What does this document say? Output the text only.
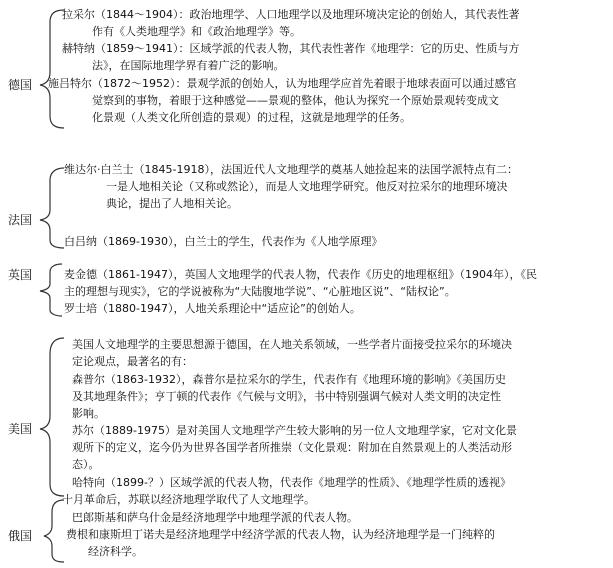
德国
拉采尔（1844～1904）：政治地理学、人口地理学以及地理环境决定论的创始人，其代表性著
作有《人类地理学》和《政治地理学》等。
赫特纳（1859～1941）：区域学派的代表人物，其代表性著作《地理学：它的历史、性质与方
法》，在国际地理学界有着广泛的影响。
施吕特尔（1872～1952）：景观学派的创始人，认为地理学应首先着眼于地球表面可以通过感官
觉察到的事物，着眼于这种感觉——景观的整体，他认为探究一个原始景观转变成文
化景观（人类文化所创造的景观）的过程，这就是地理学的任务。
法国
维达尔·白兰士（1845-1918），法国近代人文地理学的奠基人她捡起来的法国学派特点有二：
一是人地相关论（又称或然论），而是人文地理学研究。他反对拉采尔的地理环境决
典论，提出了人地相关论。
白吕纳（1869-1930），白兰士的学生，代表作为《人地学原理》
英国	麦金德（1861-1947），英国人文地理学的代表人物，代表作《历史的地理枢纽》（1904年），《民
主的理想与现实》，它的学说被称为“大陆腹地学说”、“心脏地区说”、“陆权论”。
罗士培（1880-1947），人地关系理论中“适应论”的创始人。
美国
美国人文地理学的主要思想源于德国，在人地关系领域，一些学者片面接受拉采尔的环境决
定论观点，最著名的有：
森普尔（1863-1932），森普尔是拉采尔的学生，代表作有《地理环境的影响》《美国历史
及其地理条件》；亨丁顿的代表作《气候与文明》，书中特别强调气候对人类文明的决定性
影响。
苏尔（1889-1975）是对美国人文地理学产生较大影响的另一位人文地理学家，它对文化景
观所下的定义，迄今仍为世界各国学者所推崇（文化景观：附加在自然景观上的人类活动形
态）。
哈特向（1899-？）区域学派的代表人物，代表作《地理学的性质》、《地理学性质的透视》
俄国
十月革命后，苏联以经济地理学取代了人文地理学。
巴郎斯基和萨乌什金是经济地理学中地理学派的代表人物。
费根和康斯坦丁诺夫是经济地理学中经济学派的代表人物，认为经济地理学是一门纯粹的
经济科学。
